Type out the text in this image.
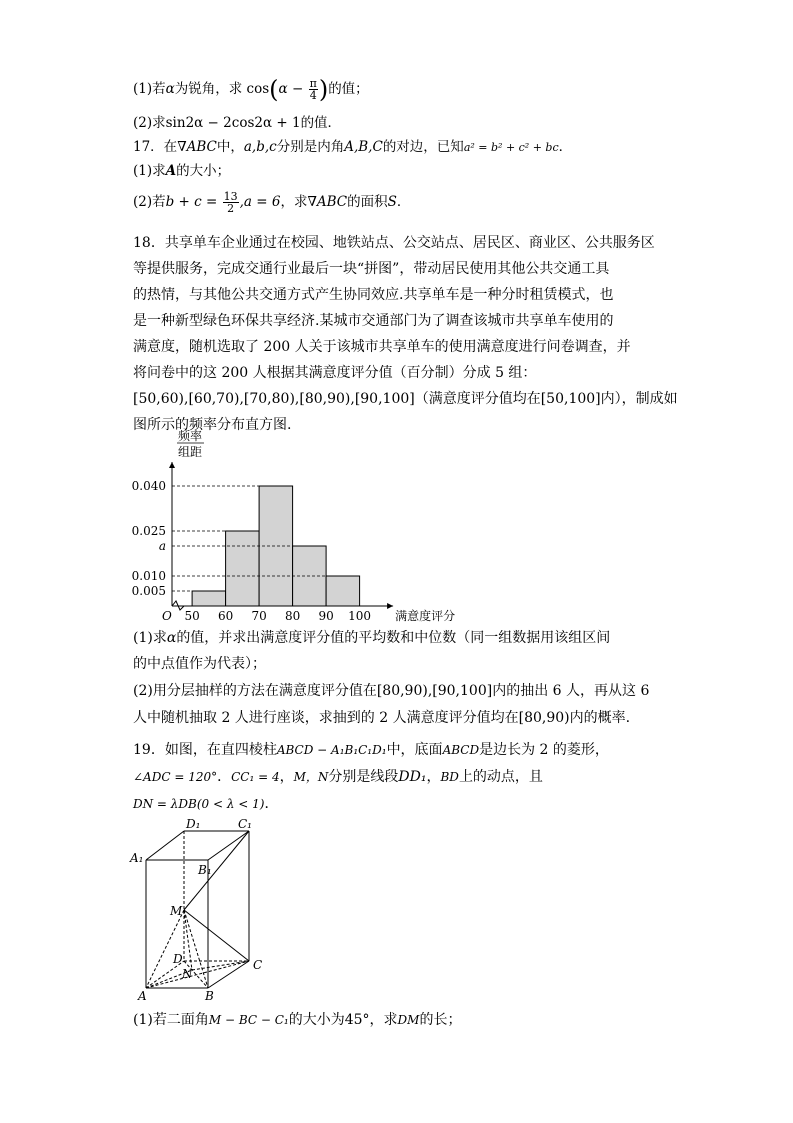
(1)若α为锐角，求 $\cos(\alpha - \frac{\pi}{4}$ )的值；
(2)求sin2α − 2cos2α + 1的值．
17．在∇ABC中，a,b,c分别是内角A,B,C的对边，已知a² = b² + c² + bc．
(1)求A的大小；
(2)若$b + c = \frac{13}{2} ,a = 6$，求∇ABC的面积S．
18．共享单车企业通过在校园、地铁站点、公交站点、居民区、商业区、公共服务区
等提供服务，完成交通行业最后一块“拼图”，带动居民使用其他公共交通工具
的热情，与其他公共交通方式产生协同效应.共享单车是一种分时租赁模式，也
是一种新型绿色环保共享经济.某城市交通部门为了调查该城市共享单车使用的
满意度，随机选取了 200 人关于该城市共享单车的使用满意度进行问卷调查，并
将问卷中的这 200 人根据其满意度评分值（百分制）分成 5 组：
[50,60),[60,70),[70,80),[80,90),[90,100]（满意度评分值均在[50,100]内），制成如
图所示的频率分布直方图.
0.040
0.025
a
0.010
0.005
50 60 70 80 90 100
O
频率
组距
满意度评分
(1)求α的值，并求出满意度评分值的平均数和中位数（同一组数据用该组区间
的中点值作为代表）；
(2)用分层抽样的方法在满意度评分值在[80,90),[90,100]内的抽出 6 人，再从这 6
人中随机抽取 2 人进行座谈，求抽到的 2 人满意度评分值均在[80,90)内的概率.
19．如图，在直四棱柱ABCD − A₁B₁C₁D₁中，底面ABCD是边长为 2 的菱形，
∠ADC = 120°．CC₁ = 4，M，N分别是线段DD₁，BD上的动点，且
DN = λDB(0 < λ < 1)．
D₁	C₁
A₁
B₁
M
D
N
C
A	B
(1)若二面角M − BC − C₁的大小为45°，求DM的长；
